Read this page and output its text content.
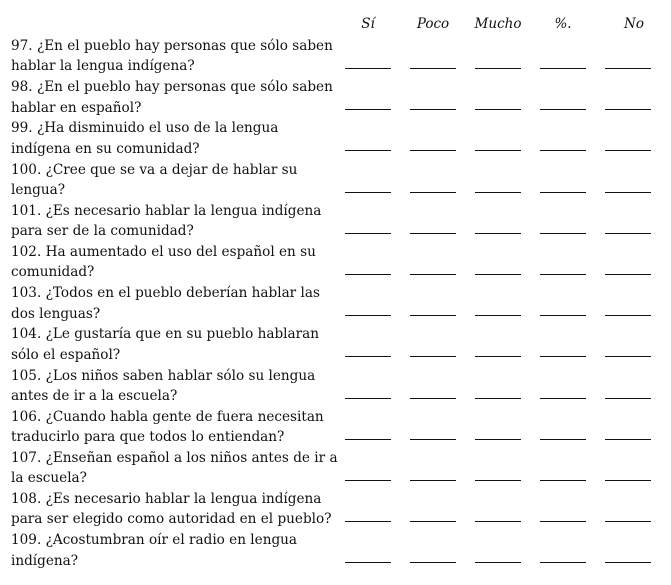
Sí	Poco	Mucho	%.	No
97. ¿En el pueblo hay personas que sólo saben
hablar la lengua indígena?
98. ¿En el pueblo hay personas que sólo saben
hablar en español?
99. ¿Ha disminuido el uso de la lengua
indígena en su comunidad?
100. ¿Cree que se va a dejar de hablar su
lengua?
101. ¿Es necesario hablar la lengua indígena
para ser de la comunidad?
102. Ha aumentado el uso del español en su
comunidad?
103. ¿Todos en el pueblo deberían hablar las
dos lenguas?
104. ¿Le gustaría que en su pueblo hablaran
sólo el español?
105. ¿Los niños saben hablar sólo su lengua
antes de ir a la escuela?
106. ¿Cuando habla gente de fuera necesitan
traducirlo para que todos lo entiendan?
107. ¿Enseñan español a los niños antes de ir a
la escuela?
108. ¿Es necesario hablar la lengua indígena
para ser elegido como autoridad en el pueblo?
109. ¿Acostumbran oír el radio en lengua
indígena?
